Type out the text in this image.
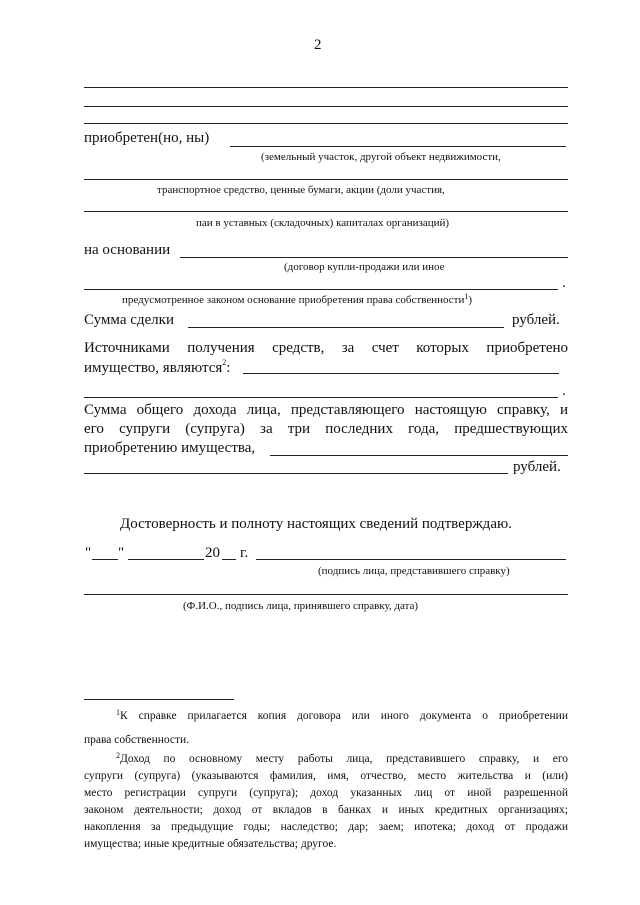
2
приобретен(но, ны)
(земельный участок, другой объект недвижимости,
транспортное средство, ценные бумаги, акции (доли участия,
паи в уставных (складочных) капиталах организаций)
на основании
(договор купли-продажи или иное
.
предусмотренное законом основание приобретения права собственности$^1$)
Сумма сделки	рублей.
Источниками получения средств, за счет которых приобретено
имущество, являются$^2$:
.
Сумма общего дохода лица, представляющего настоящую справку, и
его супруги (супруга) за три последних года, предшествующих
приобретению имущества,
рублей.
Достоверность и полноту настоящих сведений подтверждаю.
" "	20 г.
(подпись лица, представившего справку)
(Ф.И.О., подпись лица, принявшего справку, дата)
$^1$К справке прилагается копия договора или иного документа о приобретении
права собственности.
$^2$Доход по основному месту работы лица, представившего справку, и его
супруги (супруга) (указываются фамилия, имя, отчество, место жительства и (или)
место регистрации супруги (супруга); доход указанных лиц от иной разрешенной
законом деятельности; доход от вкладов в банках и иных кредитных организациях;
накопления за предыдущие годы; наследство; дар; заем; ипотека; доход от продажи
имущества; иные кредитные обязательства; другое.
